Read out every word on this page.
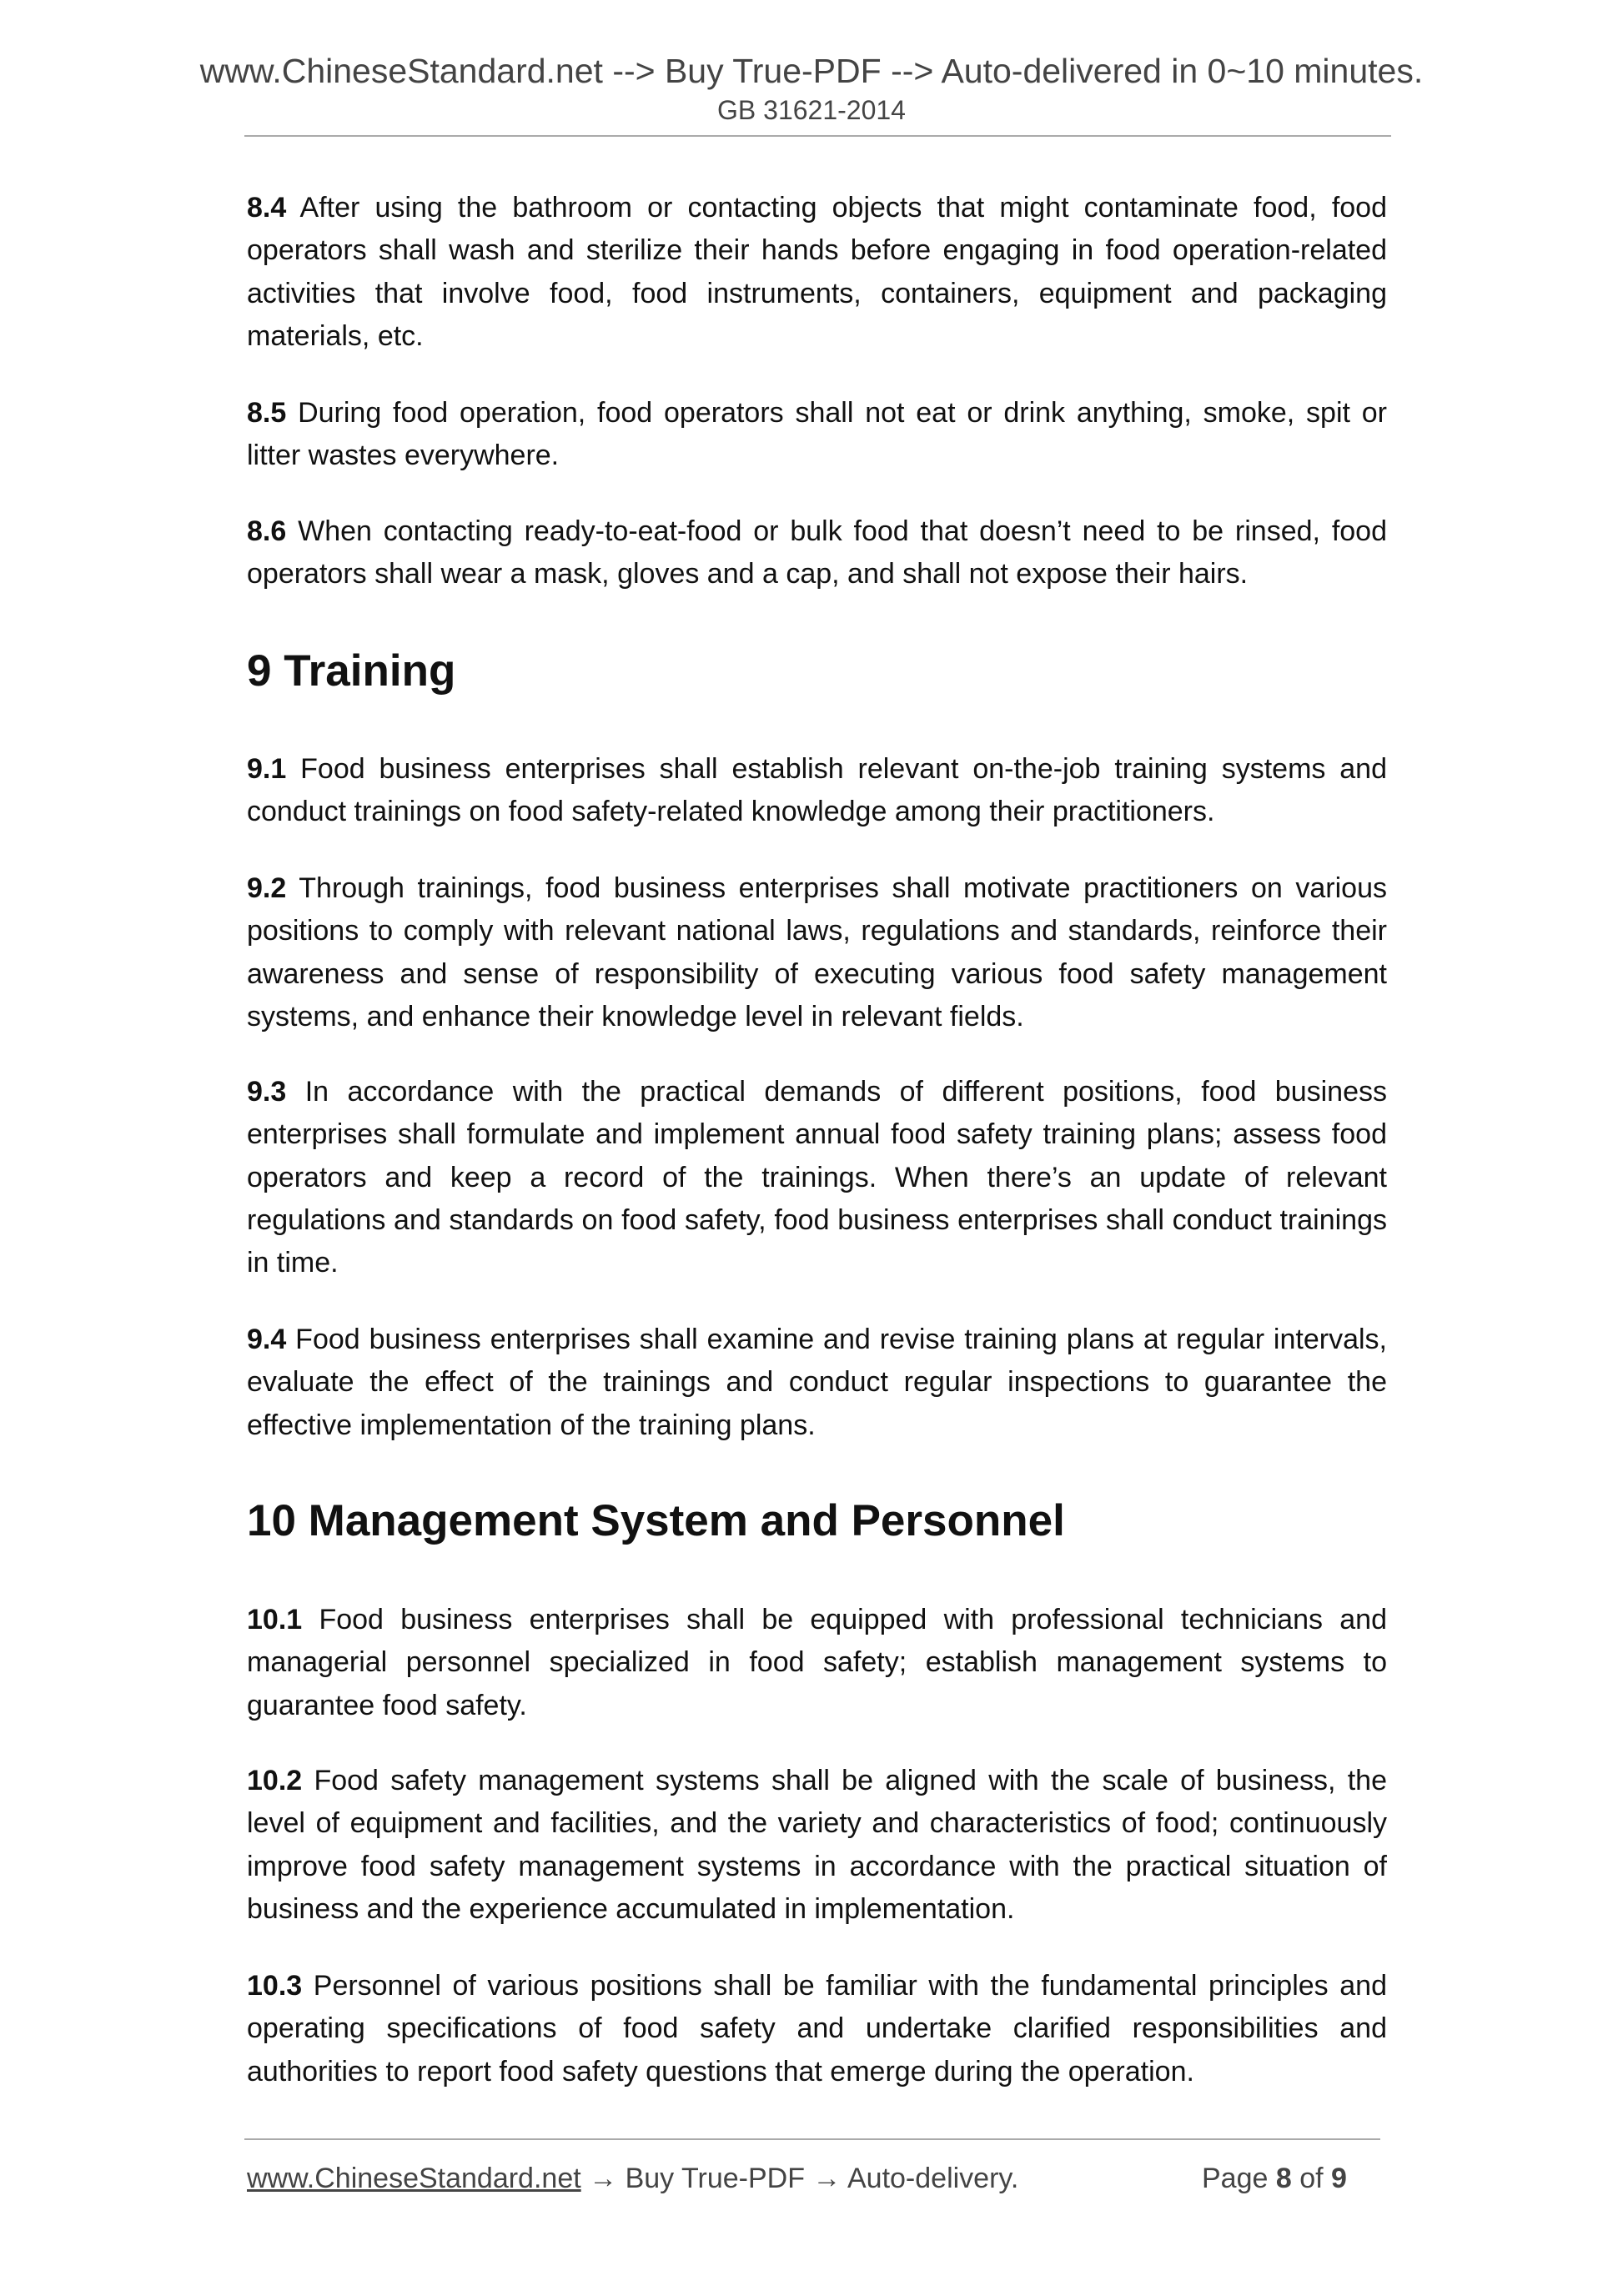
www.ChineseStandard.net --> Buy True-PDF --> Auto-delivered in 0~10 minutes.
GB 31621-2014
8.4 After using the bathroom or contacting objects that might contaminate food, food operators shall wash and sterilize their hands before engaging in food operation-related activities that involve food, food instruments, containers, equipment and packaging materials, etc.
8.5 During food operation, food operators shall not eat or drink anything, smoke, spit or litter wastes everywhere.
8.6 When contacting ready-to-eat-food or bulk food that doesn’t need to be rinsed, food operators shall wear a mask, gloves and a cap, and shall not expose their hairs.
9 Training
9.1 Food business enterprises shall establish relevant on-the-job training systems and conduct trainings on food safety-related knowledge among their practitioners.
9.2 Through trainings, food business enterprises shall motivate practitioners on various positions to comply with relevant national laws, regulations and standards, reinforce their awareness and sense of responsibility of executing various food safety management systems, and enhance their knowledge level in relevant fields.
9.3 In accordance with the practical demands of different positions, food business enterprises shall formulate and implement annual food safety training plans; assess food operators and keep a record of the trainings. When there’s an update of relevant regulations and standards on food safety, food business enterprises shall conduct trainings in time.
9.4 Food business enterprises shall examine and revise training plans at regular intervals, evaluate the effect of the trainings and conduct regular inspections to guarantee the effective implementation of the training plans.
10 Management System and Personnel
10.1 Food business enterprises shall be equipped with professional technicians and managerial personnel specialized in food safety; establish management systems to guarantee food safety.
10.2 Food safety management systems shall be aligned with the scale of business, the level of equipment and facilities, and the variety and characteristics of food; continuously improve food safety management systems in accordance with the practical situation of business and the experience accumulated in implementation.
10.3 Personnel of various positions shall be familiar with the fundamental principles and operating specifications of food safety and undertake clarified responsibilities and authorities to report food safety questions that emerge during the operation.
www.ChineseStandard.net → Buy True-PDF → Auto-delivery.	Page 8 of 9
